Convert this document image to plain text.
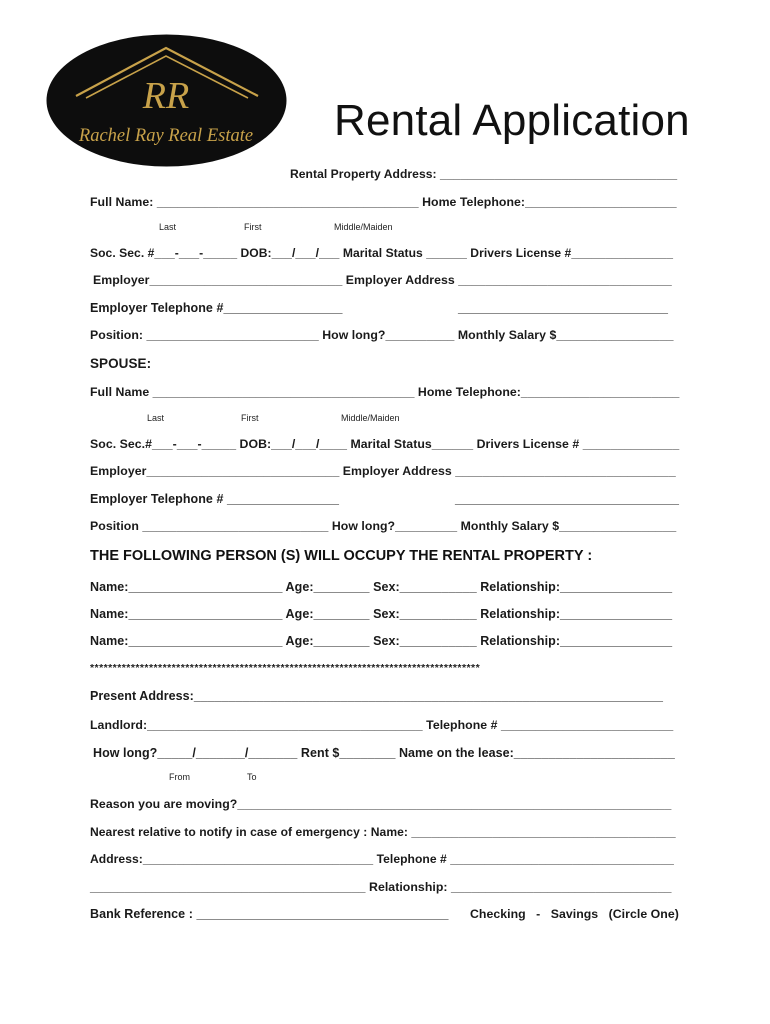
RR
Rachel Ray Real Estate Rental Application
Rental Property Address: ___________________________________
Full Name: ______________________________________ Home Telephone:______________________
Last	First	Middle/Maiden
Soc. Sec. #___-___-_____ DOB:___/___/___ Marital Status ______ Drivers License #_______________
Employer____________________________ Employer Address _______________________________
Employer Telephone #_________________	______________________________
Position: _________________________ How long?__________ Monthly Salary $_________________
SPOUSE:
Full Name ______________________________________ Home Telephone:_______________________
Last	First	Middle/Maiden
Soc. Sec.#___-___-_____ DOB:___/___/____ Marital Status______ Drivers License # ______________
Employer____________________________ Employer Address ________________________________
Employer Telephone # ________________	________________________________
Position ___________________________ How long?_________ Monthly Salary $_________________
THE FOLLOWING PERSON (S) WILL OCCUPY THE RENTAL PROPERTY :
Name:______________________ Age:________ Sex:___________ Relationship:________________
Name:______________________ Age:________ Sex:___________ Relationship:________________
Name:______________________ Age:________ Sex:___________ Relationship:________________
**************************************************************************************
Present Address:___________________________________________________________________
Landlord:________________________________________ Telephone # _________________________
How long?_____/_______/_______ Rent $________ Name on the lease:_______________________
From	To
Reason you are moving?_______________________________________________________________
Nearest relative to notify in case of emergency : Name: _______________________________________
Address:__________________________________ Telephone # _________________________________
________________________________________ Relationship: ________________________________
Bank Reference : ____________________________________ Checking   -   Savings   (Circle One)
